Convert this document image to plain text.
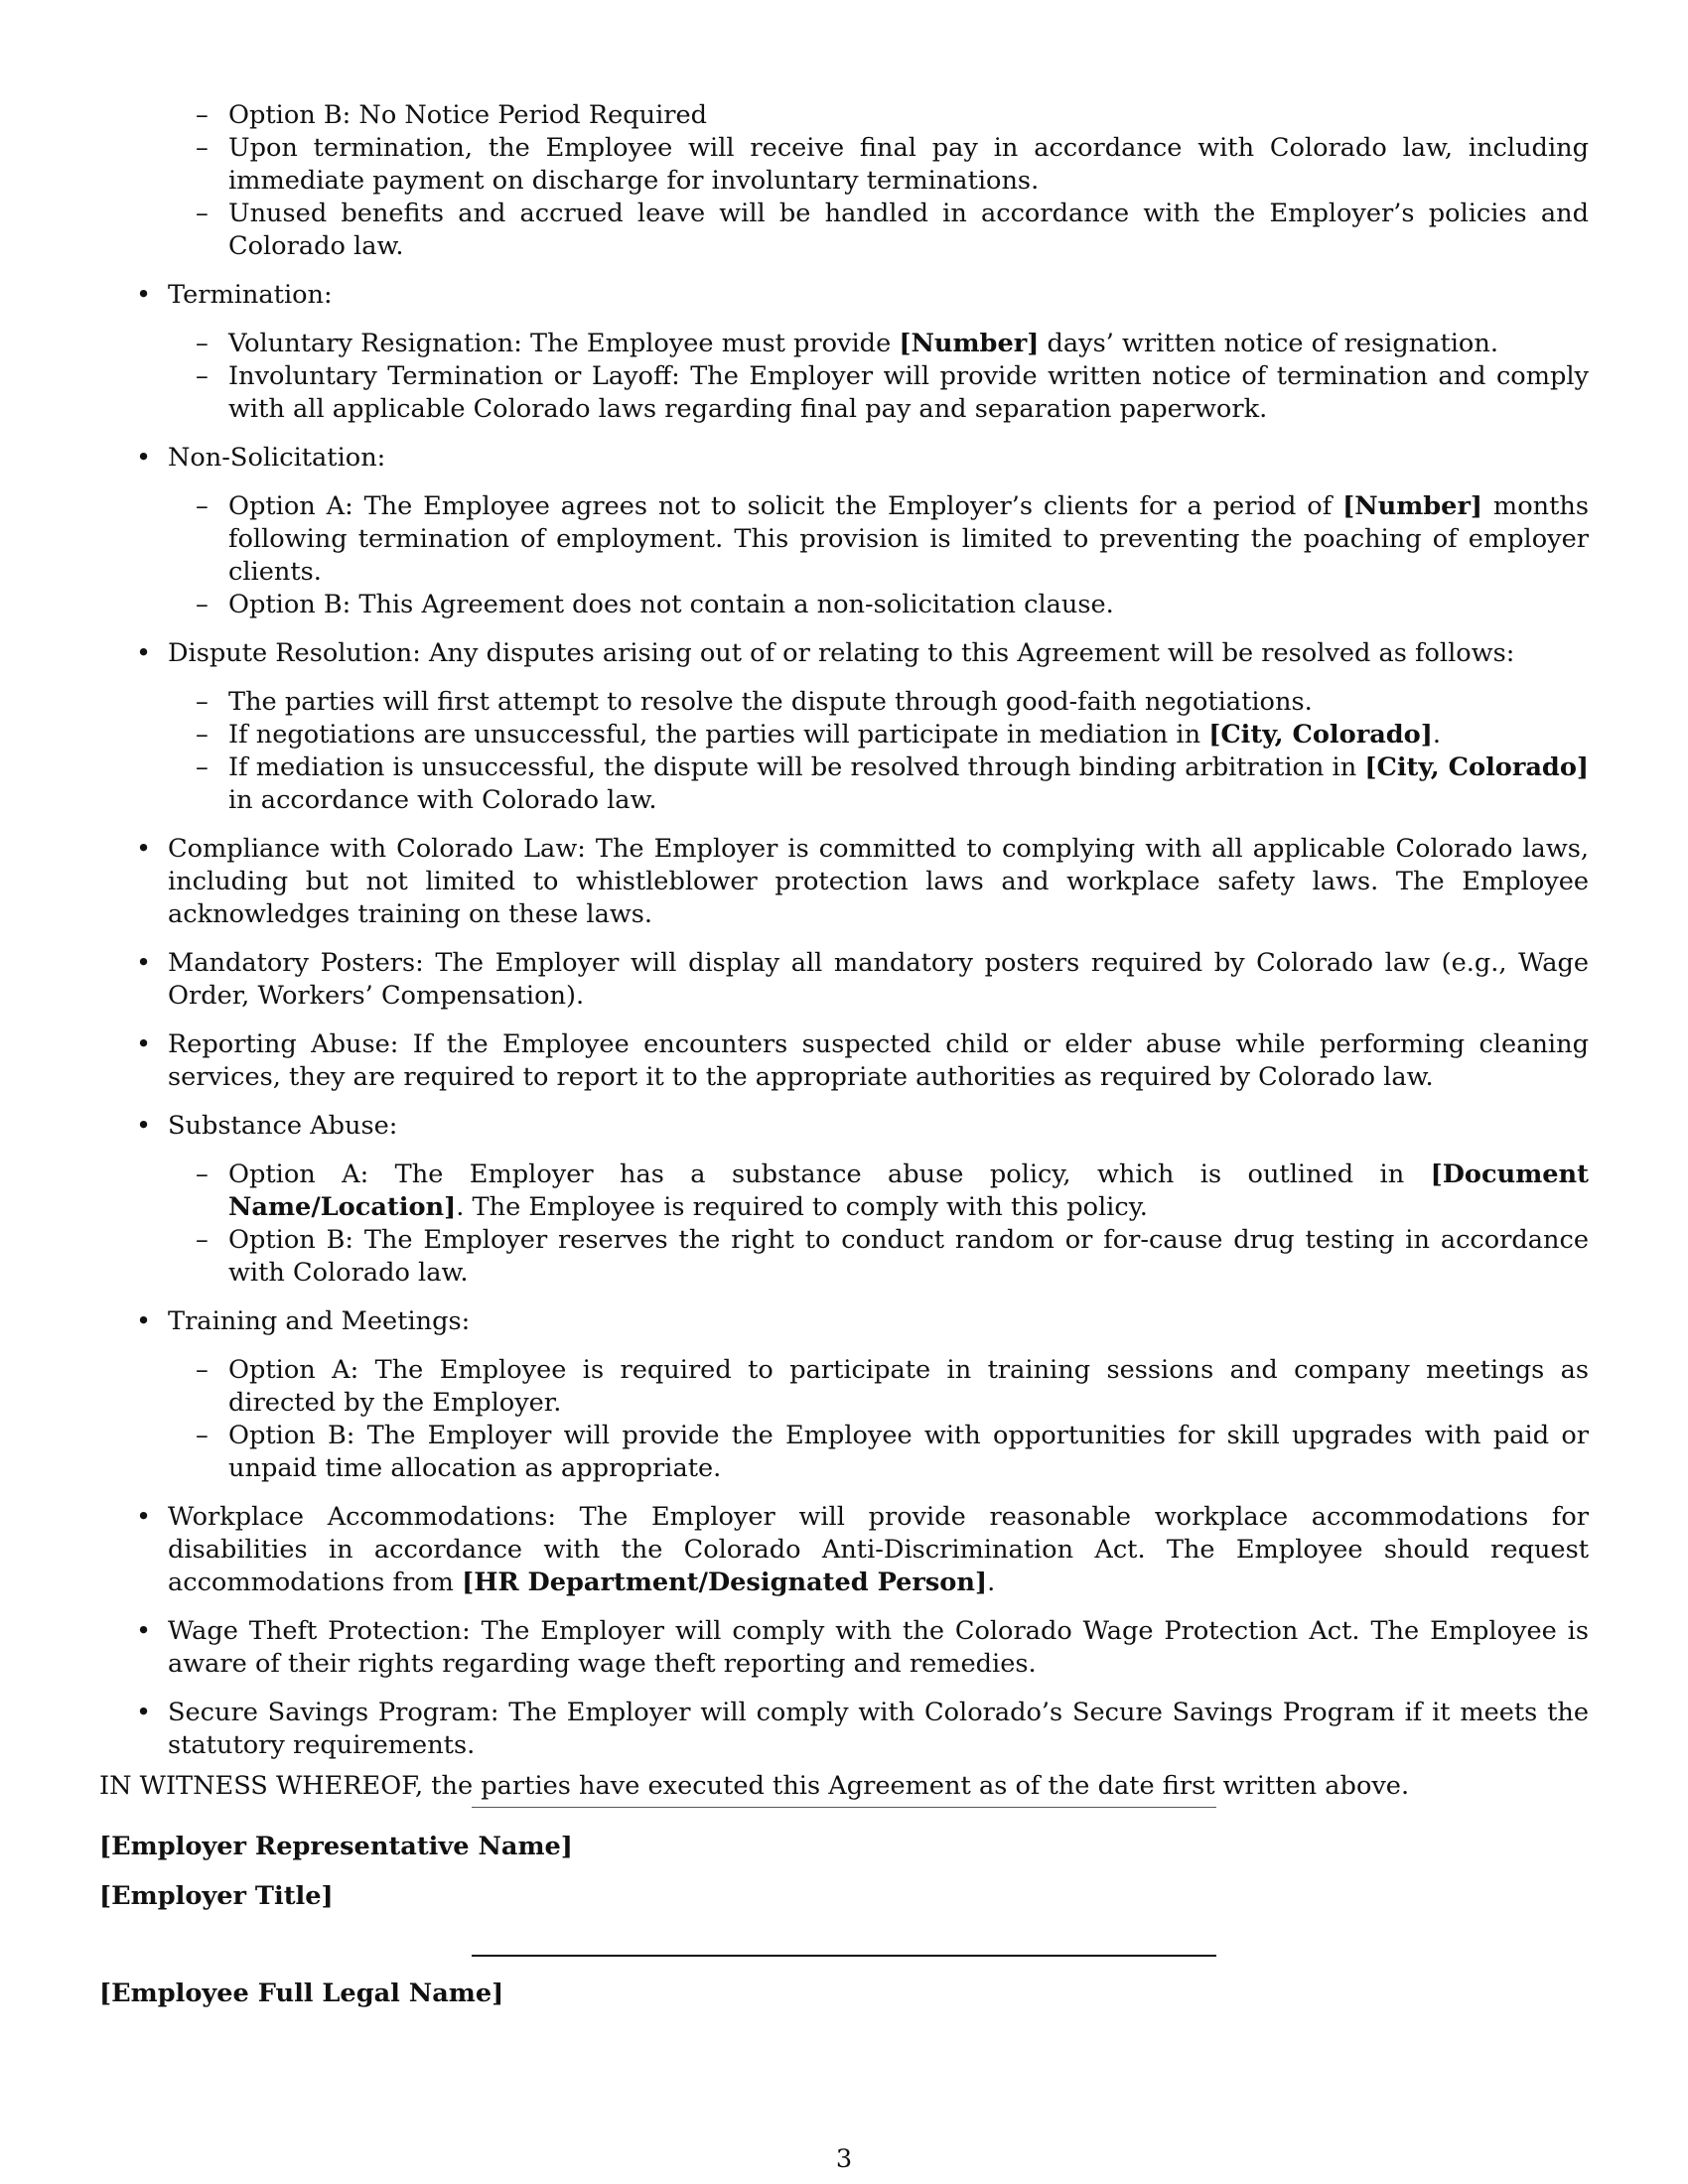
– Option B: No Notice Period Required
– Upon termination, the Employee will receive final pay in accordance with Colorado law, including immediate payment on discharge for involuntary terminations.
– Unused benefits and accrued leave will be handled in accordance with the Employer’s policies and Colorado law.
• Termination:
– Voluntary Resignation: The Employee must provide [Number] days’ written notice of resignation.
– Involuntary Termination or Layoff: The Employer will provide written notice of termination and comply with all applicable Colorado laws regarding final pay and separation paperwork.
• Non-Solicitation:
– Option A: The Employee agrees not to solicit the Employer’s clients for a period of [Number] months following termination of employment. This provision is limited to preventing the poaching of employer clients.
– Option B: This Agreement does not contain a non-solicitation clause.
• Dispute Resolution: Any disputes arising out of or relating to this Agreement will be resolved as follows:
– The parties will first attempt to resolve the dispute through good-faith negotiations.
– If negotiations are unsuccessful, the parties will participate in mediation in [City, Colorado].
– If mediation is unsuccessful, the dispute will be resolved through binding arbitration in [City, Colorado] in accordance with Colorado law.
• Compliance with Colorado Law: The Employer is committed to complying with all applicable Colorado laws, including but not limited to whistleblower protection laws and workplace safety laws. The Employee acknowledges training on these laws.
• Mandatory Posters: The Employer will display all mandatory posters required by Colorado law (e.g., Wage Order, Workers’ Compensation).
• Reporting Abuse: If the Employee encounters suspected child or elder abuse while performing cleaning services, they are required to report it to the appropriate authorities as required by Colorado law.
• Substance Abuse:
– Option A: The Employer has a substance abuse policy, which is outlined in [Document Name/Location]. The Employee is required to comply with this policy.
– Option B: The Employer reserves the right to conduct random or for-cause drug testing in accordance with Colorado law.
• Training and Meetings:
– Option A: The Employee is required to participate in training sessions and company meetings as directed by the Employer.
– Option B: The Employer will provide the Employee with opportunities for skill upgrades with paid or unpaid time allocation as appropriate.
• Workplace Accommodations: The Employer will provide reasonable workplace accommodations for disabilities in accordance with the Colorado Anti-Discrimination Act. The Employee should request accommodations from [HR Department/Designated Person].
• Wage Theft Protection: The Employer will comply with the Colorado Wage Protection Act. The Employee is aware of their rights regarding wage theft reporting and remedies.
• Secure Savings Program: The Employer will comply with Colorado’s Secure Savings Program if it meets the statutory requirements.

IN WITNESS WHEREOF, the parties have executed this Agreement as of the date first written above.

[Employer Representative Name]
[Employer Title]
[Employee Full Legal Name]
3
